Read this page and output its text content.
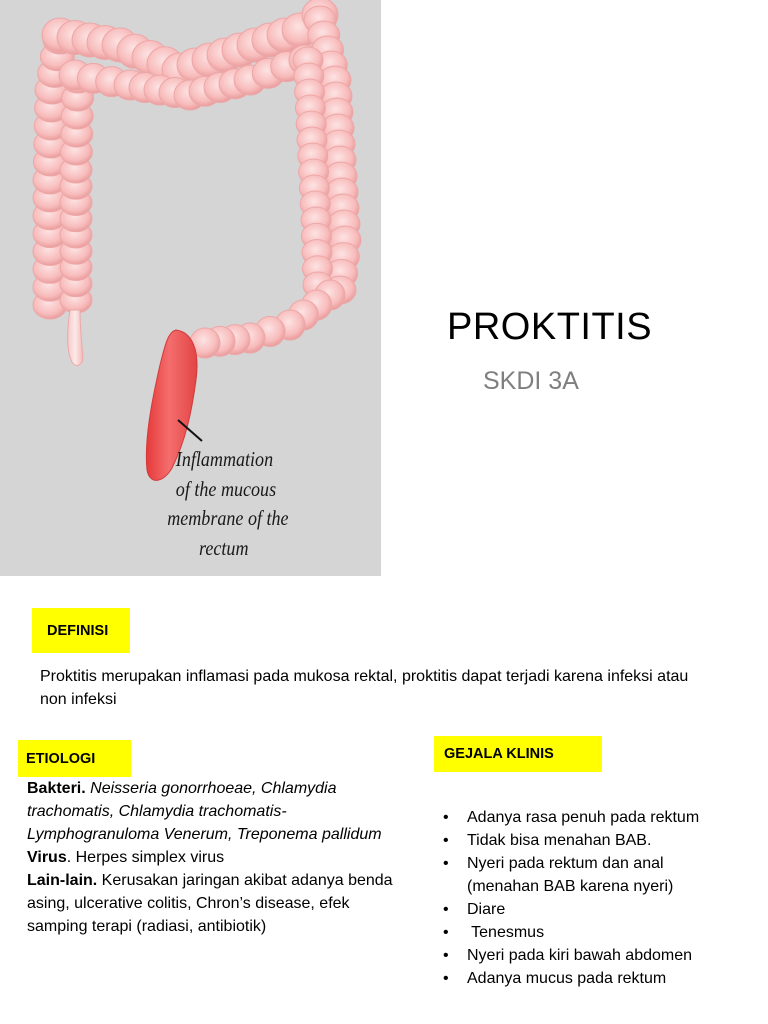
Inflammation
of the mucous
membrane of the
rectum
PROKTITIS
SKDI 3A
DEFINISI
Proktitis merupakan inflamasi pada mukosa rektal, proktitis dapat terjadi karena infeksi atau non infeksi
ETIOLOGI

Bakteri. Neisseria gonorrhoeae, Chlamydia trachomatis, Chlamydia trachomatis-Lymphogranuloma Venerum, Treponema pallidum

Virus. Herpes simplex virus

Lain-lain. Kerusakan jaringan akibat adanya benda asing, ulcerative colitis, Chron’s disease, efek samping terapi (radiasi, antibiotik)

GEJALA KLINIS
• Adanya rasa penuh pada rektum
• Tidak bisa menahan BAB.
• Nyeri pada rektum dan anal (menahan BAB karena nyeri)
• Diare
•  Tenesmus
• Nyeri pada kiri bawah abdomen
• Adanya mucus pada rektum
